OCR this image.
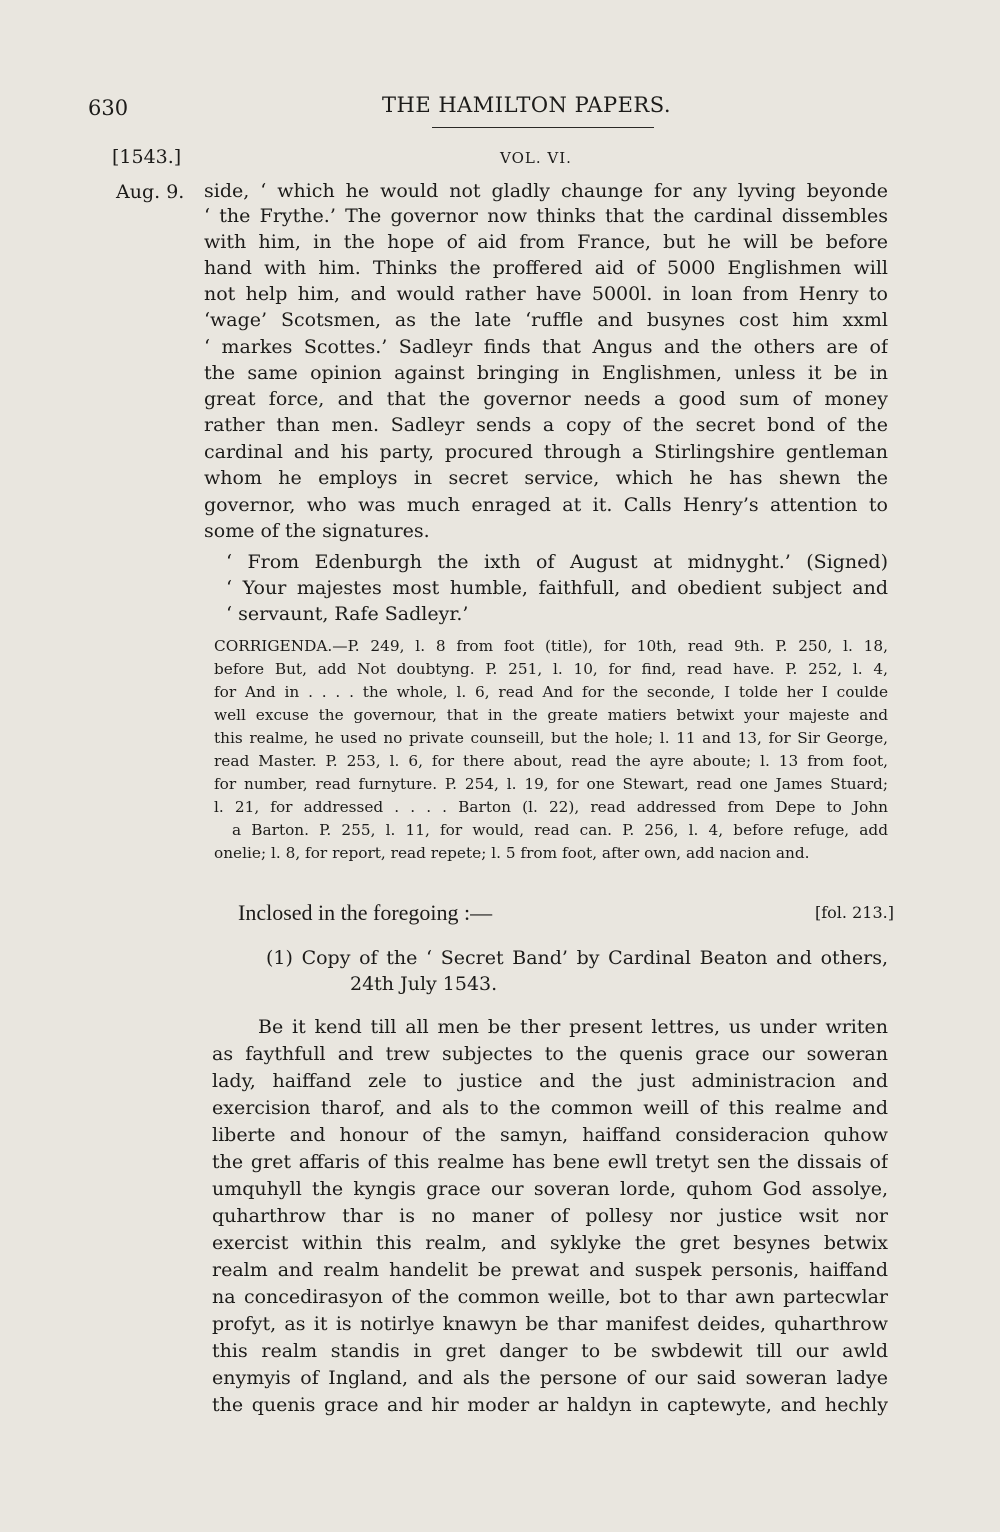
630	THE HAMILTON PAPERS.
[1543.]	VOL. VI.
Aug. 9. side, ‘ which he would not gladly chaunge for any lyving beyonde
‘ the Frythe.’ The governor now thinks that the cardinal dissembles
with him, in the hope of aid from France, but he will be before
hand with him. Thinks the proffered aid of 5000 Englishmen will
not help him, and would rather have 5000l. in loan from Henry to
‘wage’ Scotsmen, as the late ‘ruffle and busynes cost him xxml
‘ markes Scottes.’ Sadleyr finds that Angus and the others are of
the same opinion against bringing in Englishmen, unless it be in
great force, and that the governor needs a good sum of money
rather than men. Sadleyr sends a copy of the secret bond of the
cardinal and his party, procured through a Stirlingshire gentleman
whom he employs in secret service, which he has shewn the
governor, who was much enraged at it. Calls Henry’s attention to
some of the signatures.
‘ From Edenburgh the ixth of August at midnyght.’ (Signed)
‘ Your majestes most humble, faithfull, and obedient subject and
‘ servaunt, Rafe Sadleyr.’
CORRIGENDA.—P. 249, l. 8 from foot (title), for 10th, read 9th. P. 250, l. 18,
before But, add Not doubtyng. P. 251, l. 10, for find, read have. P. 252, l. 4,
for And in . . . . the whole, l. 6, read And for the seconde, I tolde her I coulde
well excuse the governour, that in the greate matiers betwixt your majeste and
this realme, he used no private counseill, but the hole; l. 11 and 13, for Sir George,
read Master. P. 253, l. 6, for there about, read the ayre aboute; l. 13 from foot,
for number, read furnyture. P. 254, l. 19, for one Stewart, read one James Stuard;
l. 21, for addressed . . . . Barton (l. 22), read addressed from Depe to John
a Barton. P. 255, l. 11, for would, read can. P. 256, l. 4, before refuge, add
onelie; l. 8, for report, read repete; l. 5 from foot, after own, add nacion and.
Inclosed in the foregoing :—	[fol. 213.]
(1) Copy of the ‘ Secret Band’ by Cardinal Beaton and others,
24th July 1543.
Be it kend till all men be ther present lettres, us under writen
as faythfull and trew subjectes to the quenis grace our soweran
lady, haiffand zele to justice and the just administracion and
exercision tharof, and als to the common weill of this realme and
liberte and honour of the samyn, haiffand consideracion quhow
the gret affaris of this realme has bene ewll tretyt sen the dissais of
umquhyll the kyngis grace our soveran lorde, quhom God assolye,
quharthrow thar is no maner of pollesy nor justice wsit nor
exercist within this realm, and syklyke the gret besynes betwix
realm and realm handelit be prewat and suspek personis, haiffand
na concedirasyon of the common weille, bot to thar awn partecwlar
profyt, as it is notirlye knawyn be thar manifest deides, quharthrow
this realm standis in gret danger to be swbdewit till our awld
enymyis of Ingland, and als the persone of our said soweran ladye
the quenis grace and hir moder ar haldyn in captewyte, and hechly
